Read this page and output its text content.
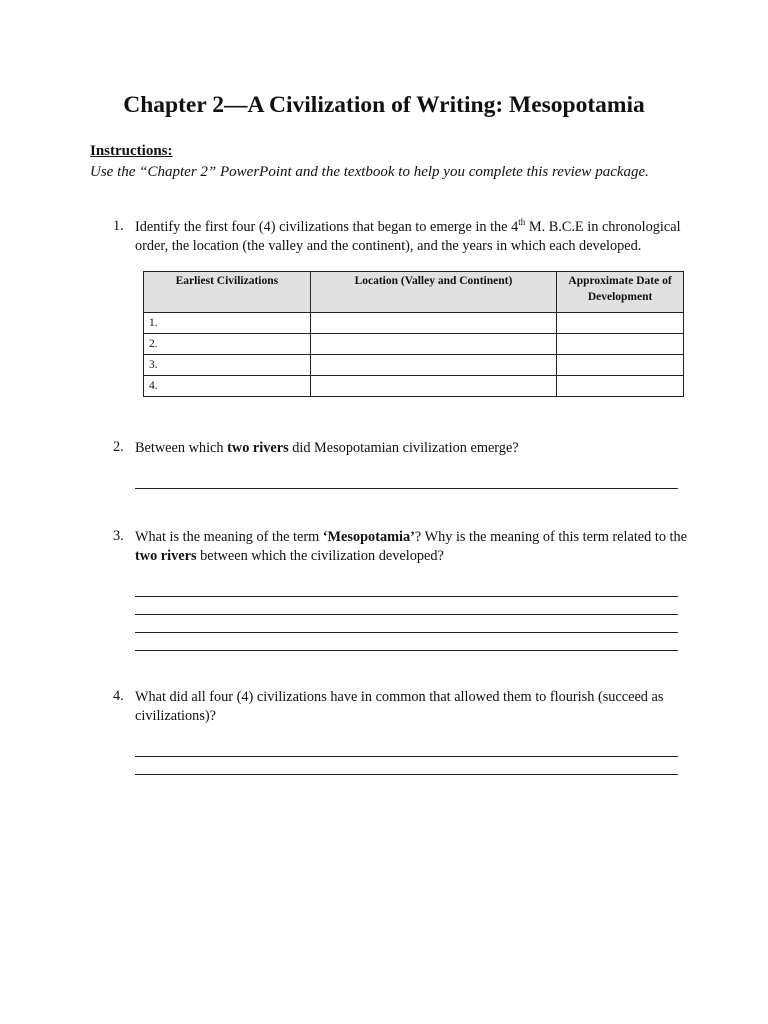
Chapter 2—A Civilization of Writing: Mesopotamia
Instructions:

Use the “Chapter 2” PowerPoint and the textbook to help you complete this review package.

1. Identify the first four (4) civilizations that began to emerge in the 4th M. B.C.E in chronological order, the location (the valley and the continent), and the years in which each developed.

Earliest Civilizations	Location (Valley and Continent)	Approximate Date of Development
1.		
2.		
3.		
4.		
2. Between which two rivers did Mesopotamian civilization emerge?

3. What is the meaning of the term ‘Mesopotamia’? Why is the meaning of this term related to the two rivers between which the civilization developed?

4. What did all four (4) civilizations have in common that allowed them to flourish (succeed as civilizations)?
